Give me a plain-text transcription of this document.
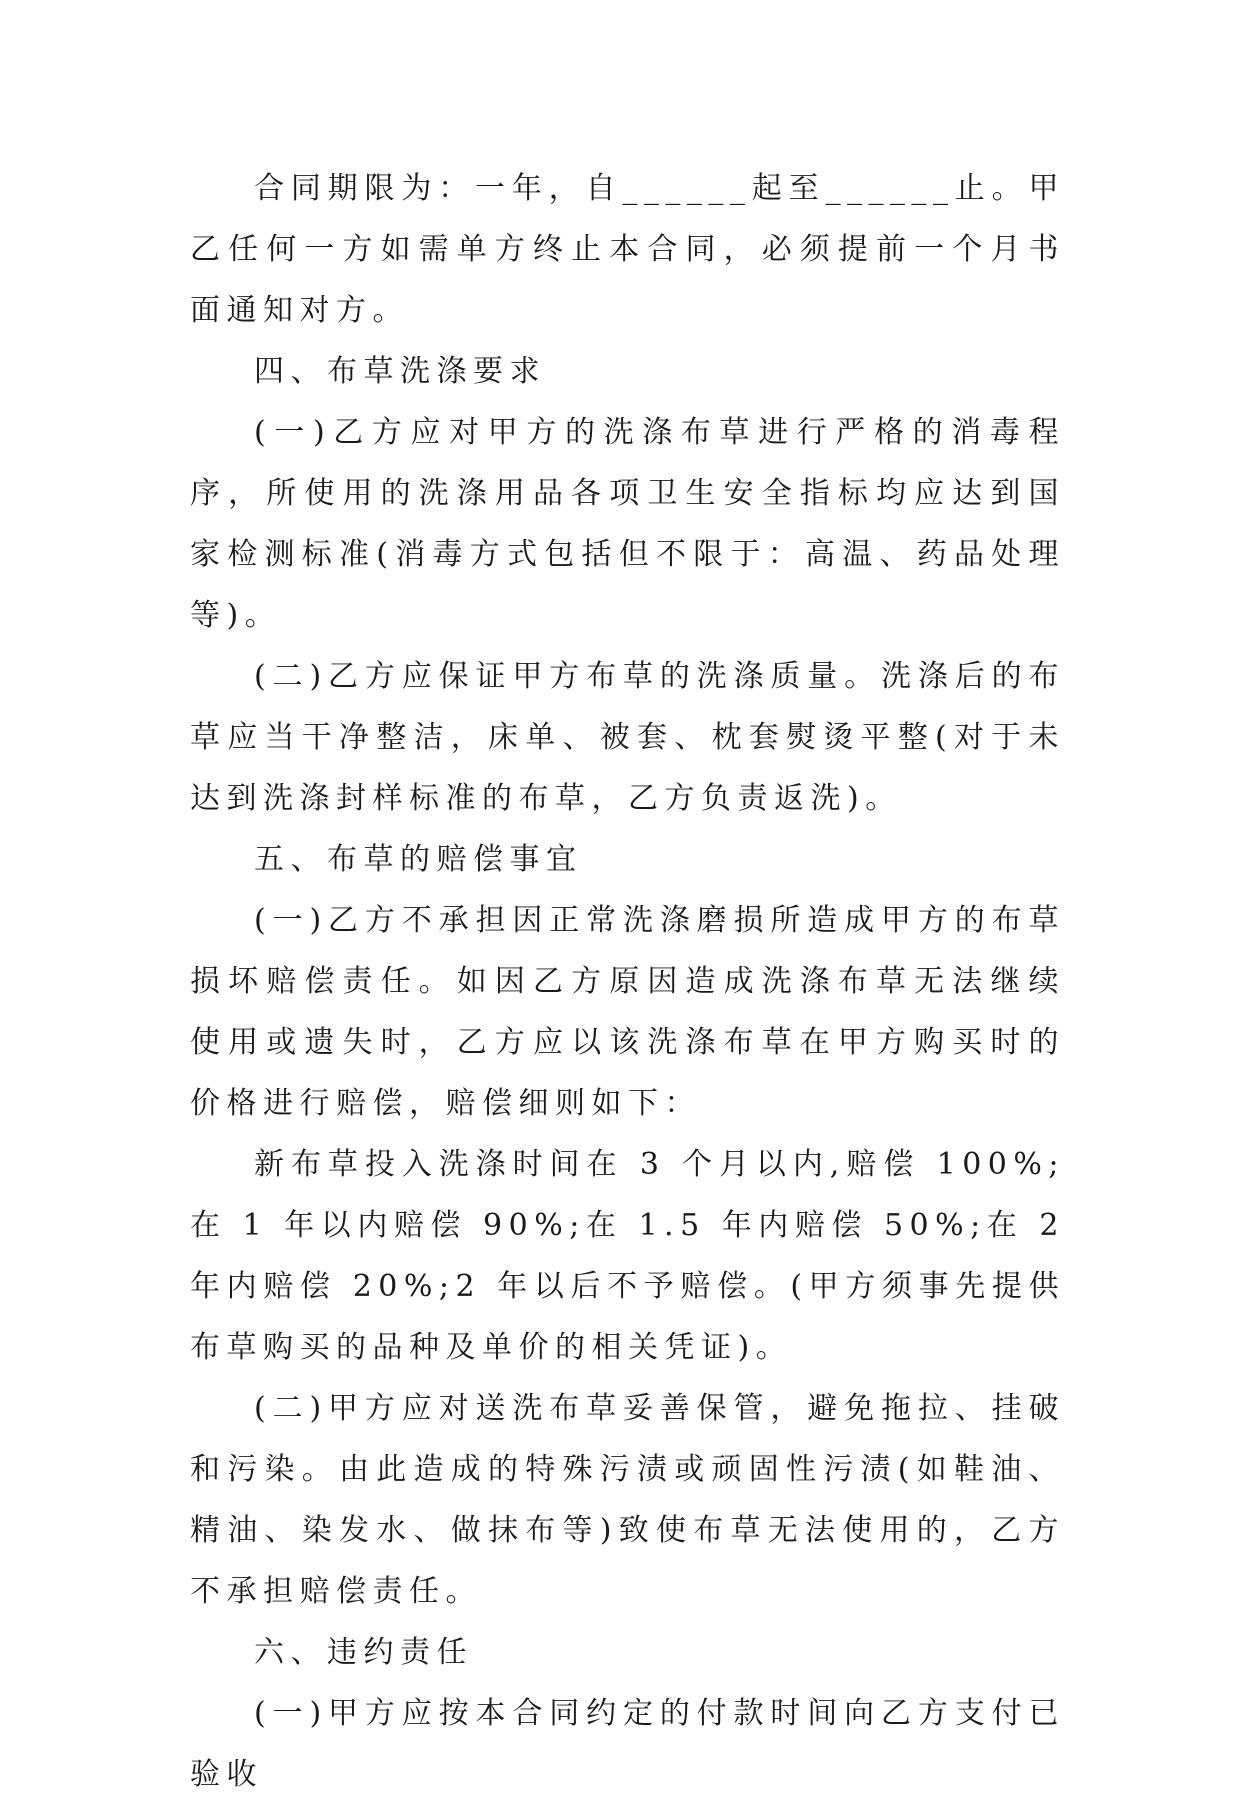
合同期限为：一年，自______起至______止。甲乙任何一方如需单方终止本合同，必须提前一个月书面通知对方。

四、布草洗涤要求

(一)乙方应对甲方的洗涤布草进行严格的消毒程序，所使用的洗涤用品各项卫生安全指标均应达到国家检测标准(消毒方式包括但不限于：高温、药品处理等)。

(二)乙方应保证甲方布草的洗涤质量。洗涤后的布草应当干净整洁，床单、被套、枕套熨烫平整(对于未达到洗涤封样标准的布草，乙方负责返洗)。

五、布草的赔偿事宜

(一)乙方不承担因正常洗涤磨损所造成甲方的布草损坏赔偿责任。如因乙方原因造成洗涤布草无法继续使用或遗失时，乙方应以该洗涤布草在甲方购买时的价格进行赔偿，赔偿细则如下：

新布草投入洗涤时间在 3 个月以内,赔偿 100%;在 1 年以内赔偿 90%;在 1.5 年内赔偿 50%;在 2 年内赔偿 20%;2 年以后不予赔偿。(甲方须事先提供布草购买的品种及单价的相关凭证)。

(二)甲方应对送洗布草妥善保管，避免拖拉、挂破和污染。由此造成的特殊污渍或顽固性污渍(如鞋油、精油、染发水、做抹布等)致使布草无法使用的，乙方不承担赔偿责任。

六、违约责任

(一)甲方应按本合同约定的付款时间向乙方支付已验收
